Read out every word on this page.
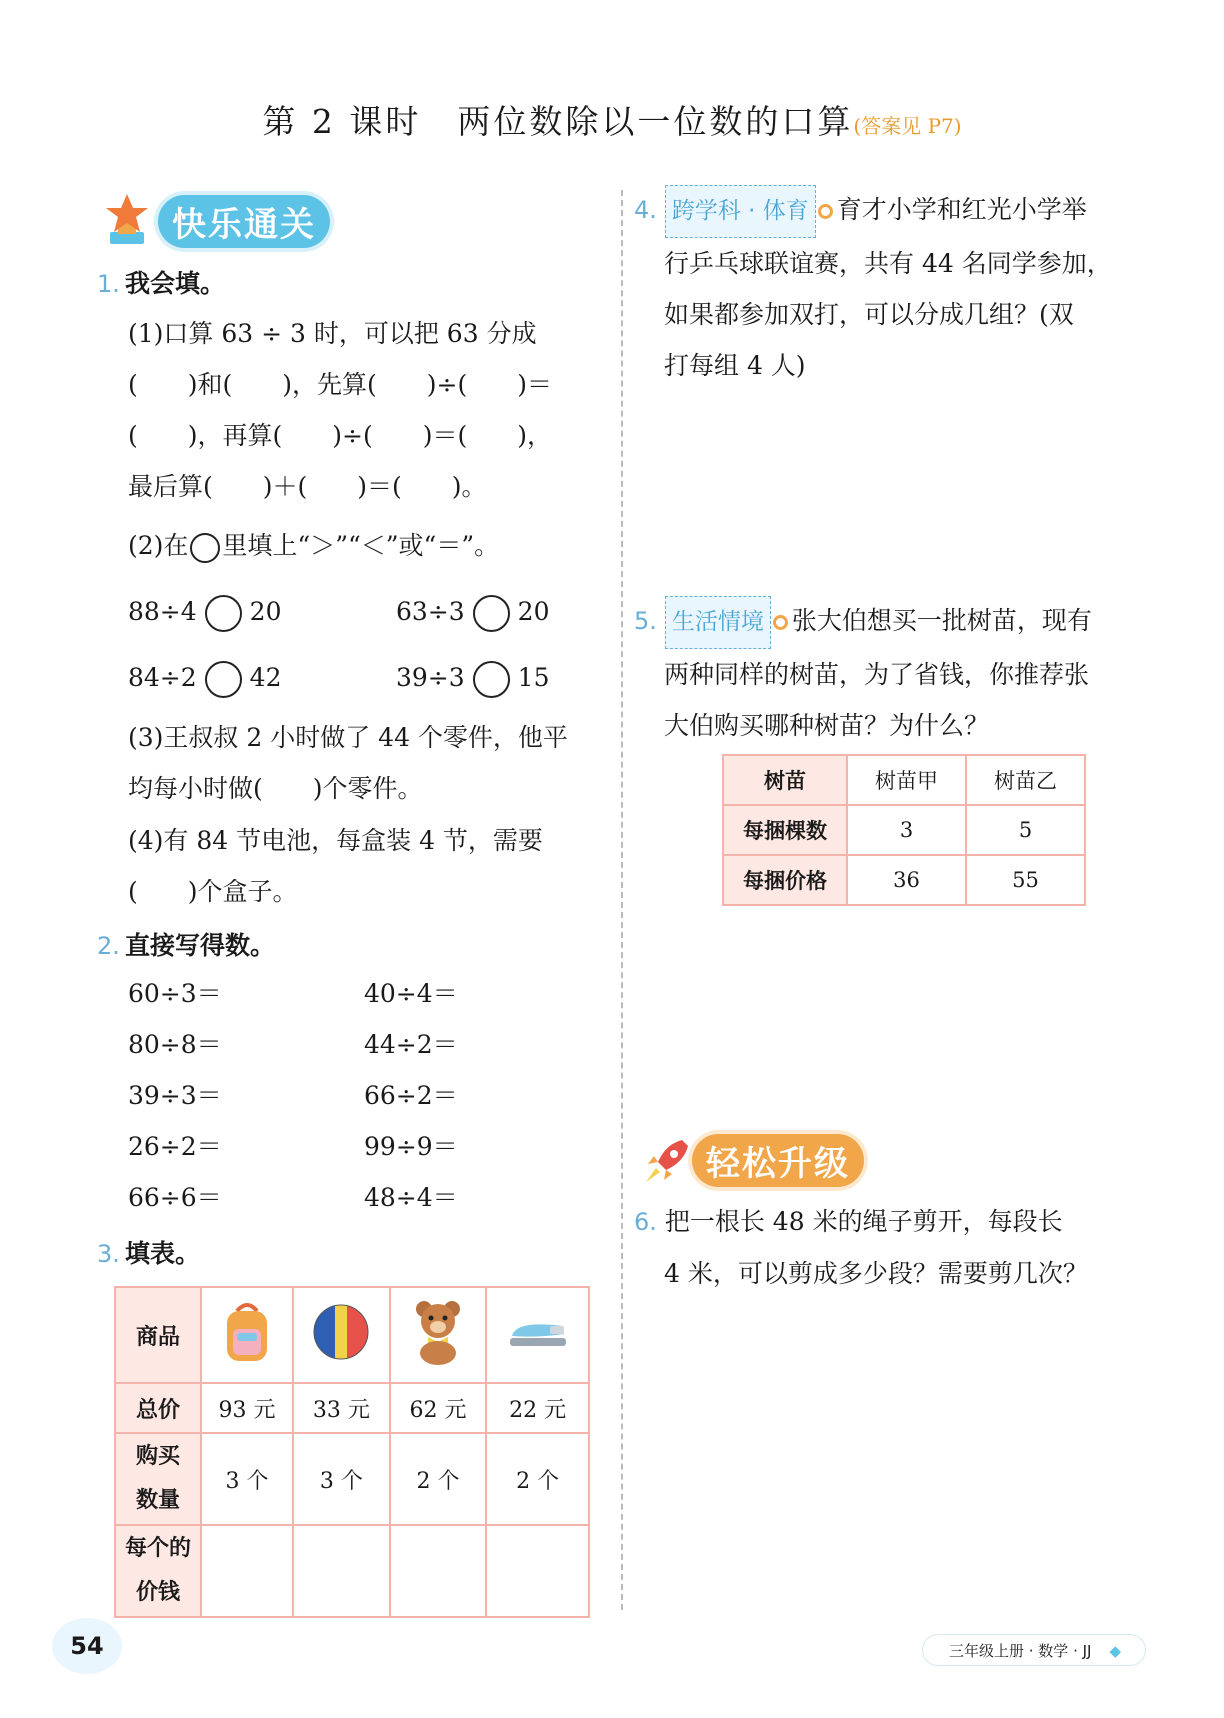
第 2 课时　两位数除以一位数的口算(答案见 P7)
快乐通关
1. 我会填。
(1)口算 63 ÷ 3 时，可以把 63 分成
(　　)和(　　)，先算(　　)÷(　　)＝
(　　)，再算(　　)÷(　　)＝(　　)，
最后算(　　)＋(　　)＝(　　)。
(2)在 里填上“＞”“＜”或“＝”。
88÷4 20	63÷3 20
84÷2 42	39÷3 15
(3)王叔叔 2 小时做了 44 个零件，他平
均每小时做(　　)个零件。
(4)有 84 节电池，每盒装 4 节，需要
(　　)个盒子。
2. 直接写得数。
60÷3＝	40÷4＝
80÷8＝	44÷2＝
39÷3＝	66÷2＝
26÷2＝	99÷9＝
66÷6＝	48÷4＝
3. 填表。
商品				
总价	93 元	33 元	62 元	22 元

购买
数量	3 个	3 个	2 个	2 个

每个的
价钱				

4. 跨学科 · 体育 育才小学和红光小学举
行乒乓球联谊赛，共有 44 名同学参加，
如果都参加双打，可以分成几组？(双
打每组 4 人)
5. 生活情境 张大伯想买一批树苗，现有
两种同样的树苗，为了省钱，你推荐张
大伯购买哪种树苗？为什么？
树苗	树苗甲	树苗乙
每捆棵数	3	5
每捆价格	36	55
轻松升级
6. 把一根长 48 米的绳子剪开，每段长
4 米，可以剪成多少段？需要剪几次？
54	三年级上册 · 数学 · JJ ◆
